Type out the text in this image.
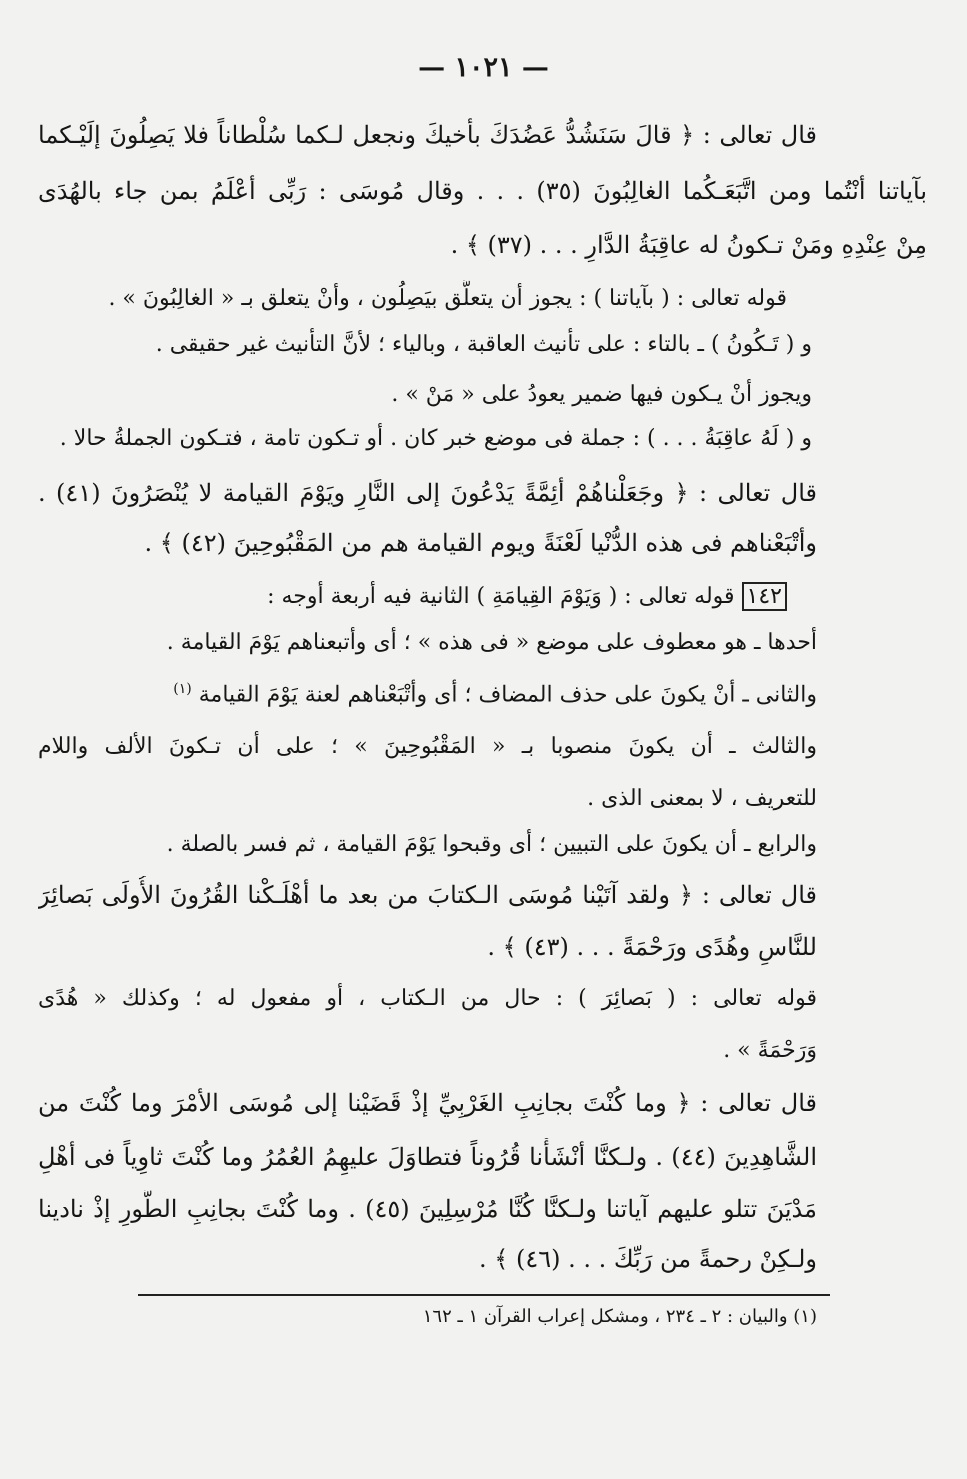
— ١٠٢١ —
قال تعالى : ﴿ قالَ سَنَشُدُّ عَضُدَكَ بأخيكَ ونجعل لـكما سُلْطاناً فلا يَصِلُونَ إلَيْـكما
بآياتنا أنْتُما ومن اتَّبَعَـكُما الغالِبُونَ (٣٥) . . . وقال مُوسَى : رَبِّى أعْلَمُ بمن جاء بالهُدَى
مِنْ عِنْدِهِ ومَنْ تـكونُ له عاقِبَةُ الدَّارِ . . . (٣٧) ﴾ .
قوله تعالى : ( بآياتنا ) : يجوز أن يتعلَّق بيَصِلُون ، وأنْ يتعلق بـ « الغالِبُونَ » .
و ( تَـكُونُ ) ـ بالتاء : على تأنيث العاقبة ، وبالياء ؛ لأنَّ التأنيث غير حقيقى .
ويجوز أنْ يـكون فيها ضمير يعودُ على « مَنْ » .
و ( لَهُ عاقِبَةُ . . . ) : جملة فى موضع خبر كان . أو تـكون تامة ، فتـكون الجملةُ حالا .
قال تعالى : ﴿ وجَعَلْناهُمْ أئِمَّةً يَدْعُونَ إلى النَّارِ ويَوْمَ القيامة لا يُنْصَرُونَ (٤١) .
وأتْبَعْناهم فى هذه الدُّنْيا لَعْنَةً ويوم القيامة هم من المَقْبُوحِينَ (٤٢) ﴾ .
١٤٢ قوله تعالى : ( وَيَوْمَ القِيامَةِ ) الثانية فيه أربعة أوجه :
أحدها ـ هو معطوف على موضع « فى هذه » ؛ أى وأتبعناهم يَوْمَ القيامة .
والثانى ـ أنْ يكونَ على حذف المضاف ؛ أى وأتْبَعْناهم لعنة يَوْمَ القيامة $^{(١)}$
والثالث ـ أن يكونَ منصوبا بـ « المَقْبُوحِينَ » ؛ على أن تـكونَ الألف واللام
للتعريف ، لا بمعنى الذى .
والرابع ـ أن يكونَ على التبيين ؛ أى وقبحوا يَوْمَ القيامة ، ثم فسر بالصلة .
قال تعالى : ﴿ ولقد آتَيْنا مُوسَى الـكتابَ من بعد ما أهْلَـكْنا القُرُونَ الأُولَى بَصائِرَ
للنَّاسِ وهُدًى ورَحْمَةً . . . (٤٣) ﴾ .
قوله تعالى : ( بَصائِرَ ) : حال من الـكتاب ، أو مفعول له ؛ وكذلك « هُدًى
وَرَحْمَةً » .
قال تعالى : ﴿ وما كُنْتَ بجانِبِ الغَرْبِيِّ إذْ قَضَيْنا إلى مُوسَى الأمْرَ وما كُنْتَ من
الشَّاهِدِينَ (٤٤) . ولـكنَّا أنْشَأْنا قُرُوناً فتطاوَلَ عليهِمُ العُمُرُ وما كُنْتَ ثاوِياً فى أهْلِ
مَدْيَنَ تتلو عليهم آياتنا ولـكنَّا كُنَّا مُرْسِلِينَ (٤٥) . وما كُنْتَ بجانِبِ الطُّورِ إذْ نادينا
ولـكِنْ رحمةً من رَبِّكَ . . . (٤٦) ﴾ .
(١) والبيان : ٢ ـ ٢٣٤ ، ومشكل إعراب القرآن ١ ـ ١٦٢
